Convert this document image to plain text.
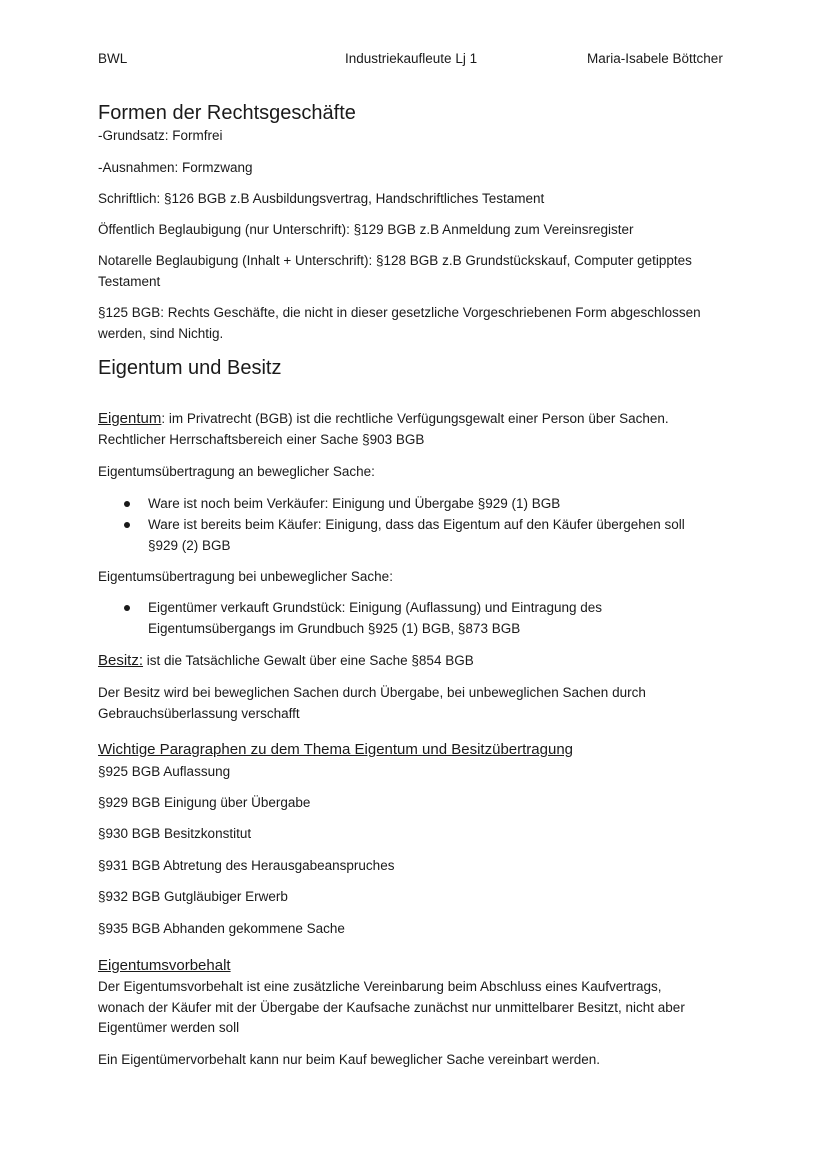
BWL	Industriekaufleute Lj 1	Maria-Isabele Böttcher
Formen der Rechtsgeschäfte
-Grundsatz: Formfrei
-Ausnahmen: Formzwang
Schriftlich: §126 BGB z.B Ausbildungsvertrag, Handschriftliches Testament
Öffentlich Beglaubigung (nur Unterschrift): §129 BGB z.B Anmeldung zum Vereinsregister
Notarelle Beglaubigung (Inhalt + Unterschrift): §128 BGB z.B Grundstückskauf, Computer getipptes
Testament
§125 BGB: Rechts Geschäfte, die nicht in dieser gesetzliche Vorgeschriebenen Form abgeschlossen
werden, sind Nichtig.
Eigentum und Besitz
Eigentum: im Privatrecht (BGB) ist die rechtliche Verfügungsgewalt einer Person über Sachen.
Rechtlicher Herrschaftsbereich einer Sache §903 BGB
Eigentumsübertragung an beweglicher Sache:
Ware ist noch beim Verkäufer: Einigung und Übergabe §929 (1) BGB
Ware ist bereits beim Käufer: Einigung, dass das Eigentum auf den Käufer übergehen soll
§929 (2) BGB
Eigentumsübertragung bei unbeweglicher Sache:
Eigentümer verkauft Grundstück: Einigung (Auflassung) und Eintragung des
Eigentumsübergangs im Grundbuch §925 (1) BGB, §873 BGB
Besitz: ist die Tatsächliche Gewalt über eine Sache §854 BGB
Der Besitz wird bei beweglichen Sachen durch Übergabe, bei unbeweglichen Sachen durch
Gebrauchsüberlassung verschafft
Wichtige Paragraphen zu dem Thema Eigentum und Besitzübertragung
§925 BGB Auflassung
§929 BGB Einigung über Übergabe
§930 BGB Besitzkonstitut
§931 BGB Abtretung des Herausgabeanspruches
§932 BGB Gutgläubiger Erwerb
§935 BGB Abhanden gekommene Sache
Eigentumsvorbehalt
Der Eigentumsvorbehalt ist eine zusätzliche Vereinbarung beim Abschluss eines Kaufvertrags,
wonach der Käufer mit der Übergabe der Kaufsache zunächst nur unmittelbarer Besitzt, nicht aber
Eigentümer werden soll
Ein Eigentümervorbehalt kann nur beim Kauf beweglicher Sache vereinbart werden.
